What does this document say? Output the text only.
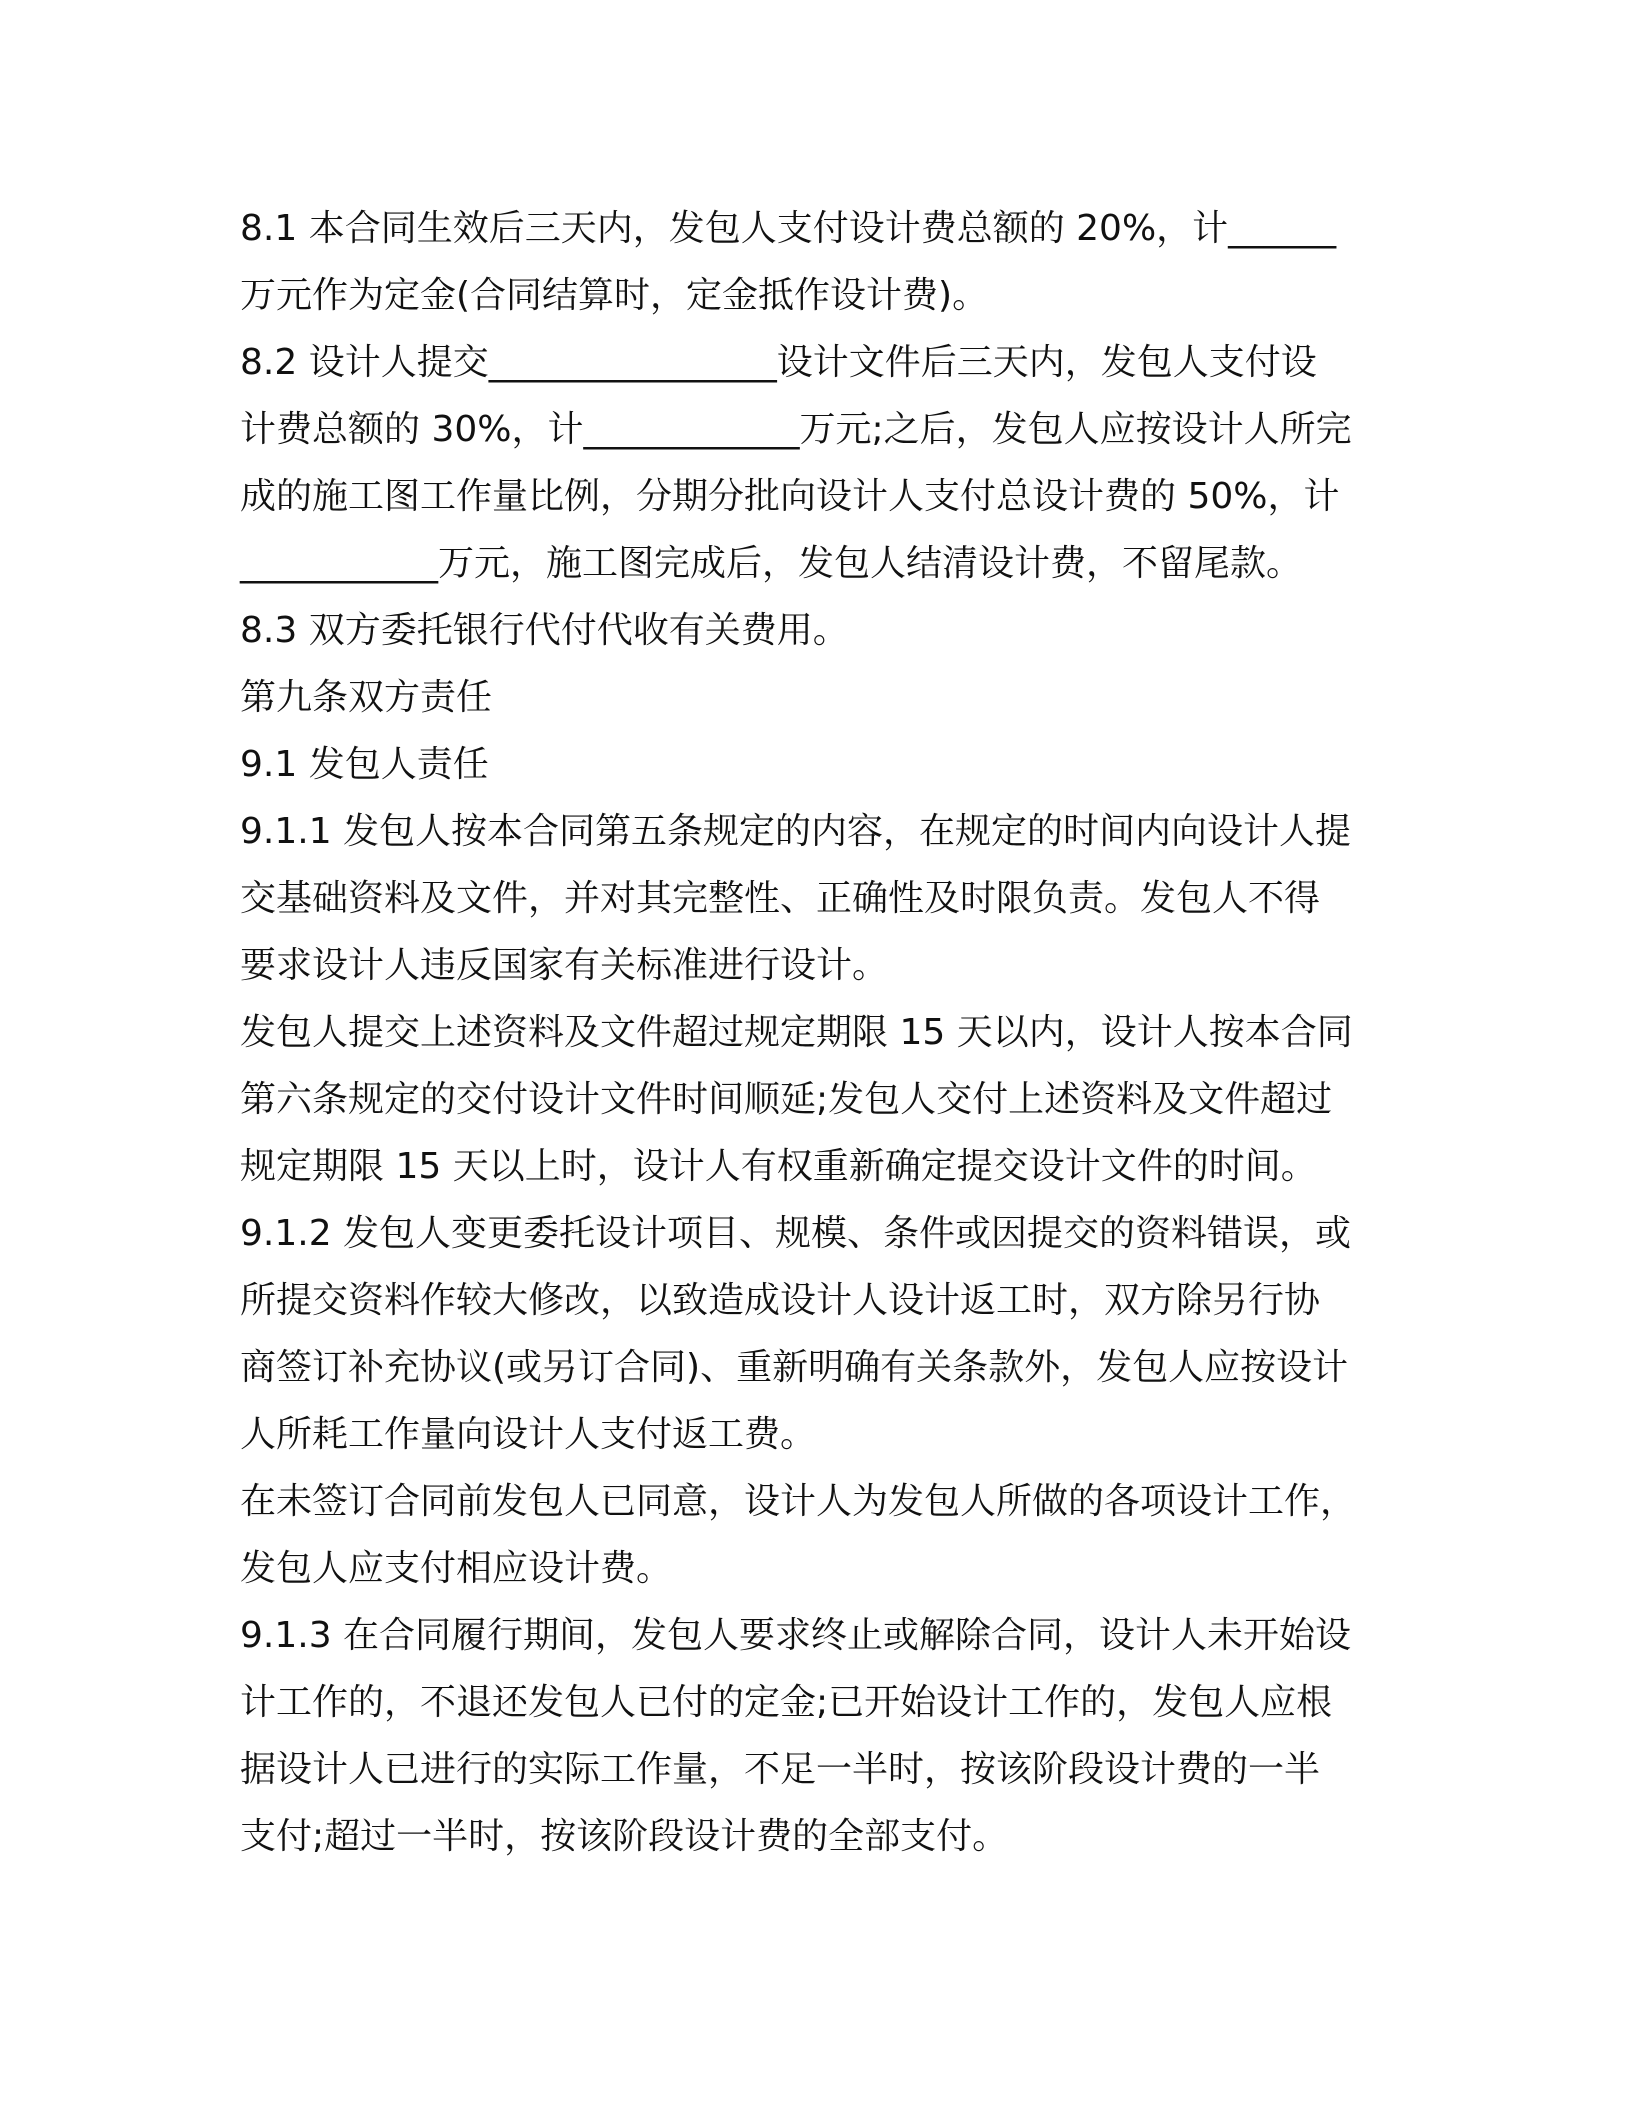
8.1 本合同生效后三天内，发包人支付设计费总额的 20%，计______

万元作为定金(合同结算时，定金抵作设计费)。

8.2 设计人提交________________设计文件后三天内，发包人支付设

计费总额的 30%，计____________万元;之后，发包人应按设计人所完

成的施工图工作量比例，分期分批向设计人支付总设计费的 50%，计

___________万元，施工图完成后，发包人结清设计费，不留尾款。

8.3 双方委托银行代付代收有关费用。

第九条双方责任

9.1 发包人责任

9.1.1 发包人按本合同第五条规定的内容，在规定的时间内向设计人提

交基础资料及文件，并对其完整性、正确性及时限负责。发包人不得

要求设计人违反国家有关标准进行设计。

发包人提交上述资料及文件超过规定期限 15 天以内，设计人按本合同

第六条规定的交付设计文件时间顺延;发包人交付上述资料及文件超过

规定期限 15 天以上时，设计人有权重新确定提交设计文件的时间。

9.1.2 发包人变更委托设计项目、规模、条件或因提交的资料错误，或

所提交资料作较大修改，以致造成设计人设计返工时，双方除另行协

商签订补充协议(或另订合同)、重新明确有关条款外，发包人应按设计

人所耗工作量向设计人支付返工费。

在未签订合同前发包人已同意，设计人为发包人所做的各项设计工作，

发包人应支付相应设计费。

9.1.3 在合同履行期间，发包人要求终止或解除合同，设计人未开始设

计工作的，不退还发包人已付的定金;已开始设计工作的，发包人应根

据设计人已进行的实际工作量，不足一半时，按该阶段设计费的一半

支付;超过一半时，按该阶段设计费的全部支付。
